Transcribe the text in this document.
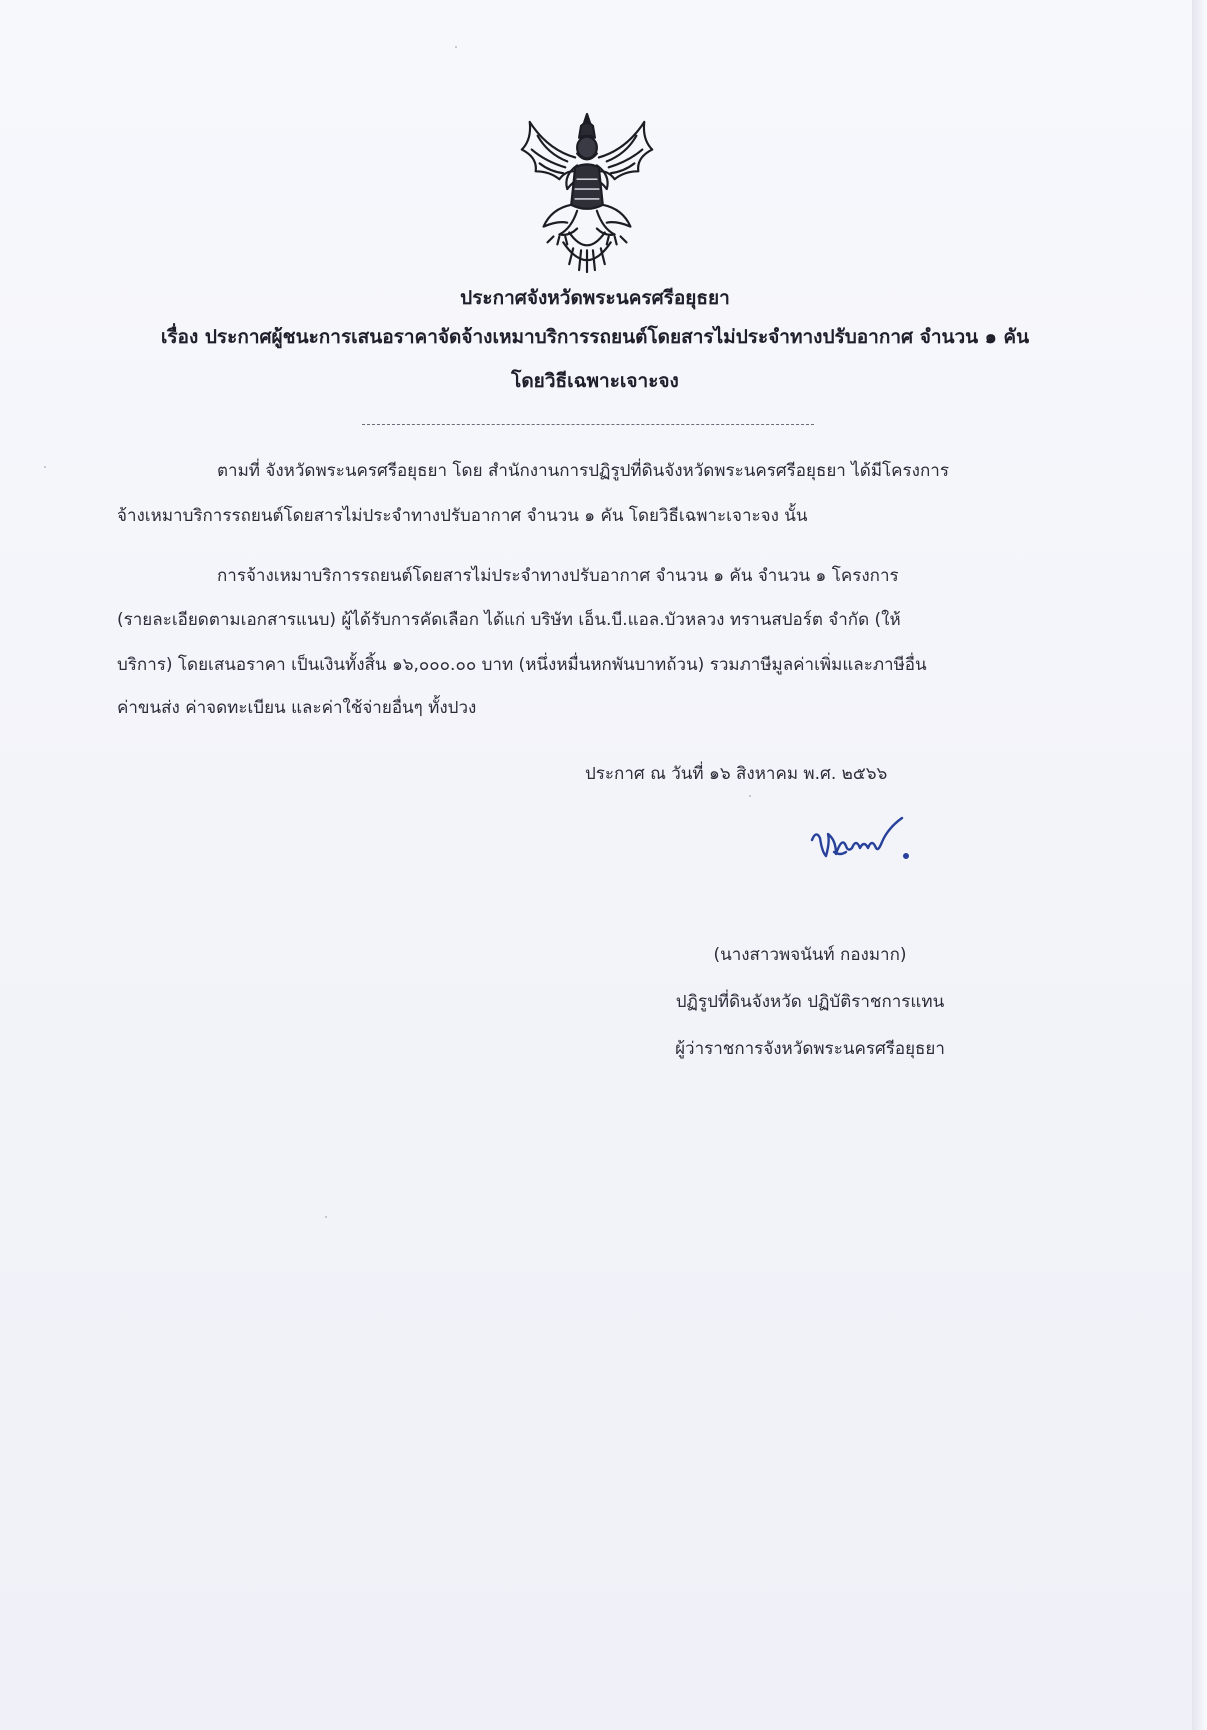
ประกาศจังหวัดพระนครศรีอยุธยา
เรื่อง ประกาศผู้ชนะการเสนอราคาจัดจ้างเหมาบริการรถยนต์โดยสารไม่ประจำทางปรับอากาศ จำนวน ๑ คัน
โดยวิธีเฉพาะเจาะจง
ตามที่ จังหวัดพระนครศรีอยุธยา โดย สำนักงานการปฏิรูปที่ดินจังหวัดพระนครศรีอยุธยา ได้มีโครงการ
จ้างเหมาบริการรถยนต์โดยสารไม่ประจำทางปรับอากาศ จำนวน ๑ คัน โดยวิธีเฉพาะเจาะจง นั้น
การจ้างเหมาบริการรถยนต์โดยสารไม่ประจำทางปรับอากาศ จำนวน ๑ คัน จำนวน ๑ โครงการ
(รายละเอียดตามเอกสารแนบ) ผู้ได้รับการคัดเลือก ได้แก่ บริษัท เอ็น.บี.แอล.บัวหลวง ทรานสปอร์ต จำกัด (ให้
บริการ) โดยเสนอราคา เป็นเงินทั้งสิ้น ๑๖,๐๐๐.๐๐ บาท (หนึ่งหมื่นหกพันบาทถ้วน) รวมภาษีมูลค่าเพิ่มและภาษีอื่น
ค่าขนส่ง ค่าจดทะเบียน และค่าใช้จ่ายอื่นๆ ทั้งปวง
ประกาศ ณ วันที่ ๑๖ สิงหาคม พ.ศ. ๒๕๖๖
(นางสาวพจนันท์ กองมาก)
ปฏิรูปที่ดินจังหวัด ปฏิบัติราชการแทน
ผู้ว่าราชการจังหวัดพระนครศรีอยุธยา
